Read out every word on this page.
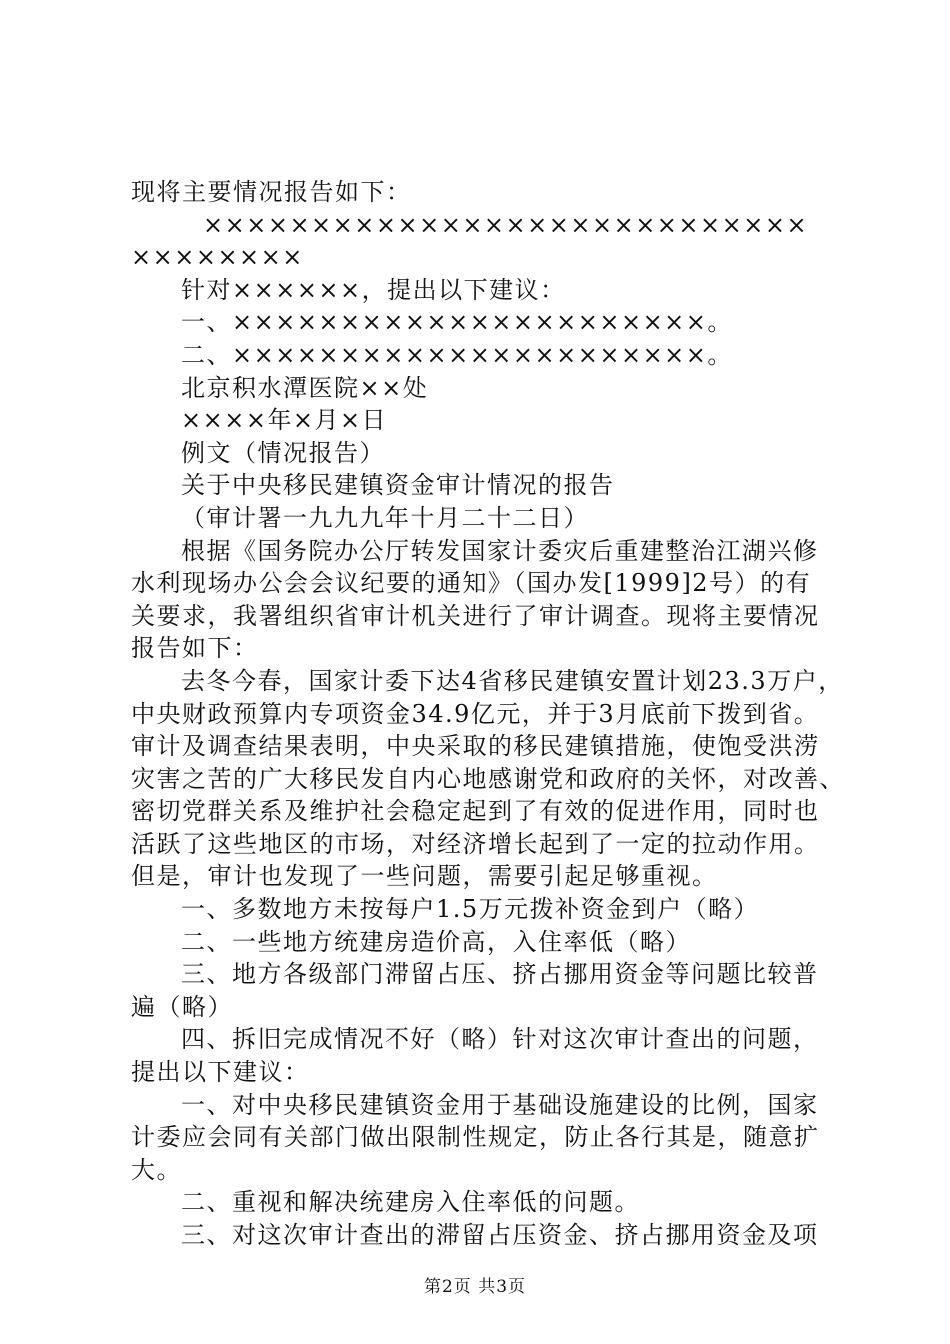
现将主要情况报告如下：
××××××××××××××××××××××××××××
××××××××
针对××××××，提出以下建议：
一、××××××××××××××××××××××。
二、××××××××××××××××××××××。
北京积水潭医院××处
××××年×月×日
例文（情况报告）
关于中央移民建镇资金审计情况的报告
（审计署一九九九年十月二十二日）
根据《国务院办公厅转发国家计委灾后重建整治江湖兴修
水利现场办公会会议纪要的通知》（国办发[1999]2号）的有
关要求，我署组织省审计机关进行了审计调查。现将主要情况
报告如下：
去冬今春，国家计委下达4省移民建镇安置计划23.3万户，
中央财政预算内专项资金34.9亿元，并于3月底前下拨到省。
审计及调查结果表明，中央采取的移民建镇措施，使饱受洪涝
灾害之苦的广大移民发自内心地感谢党和政府的关怀，对改善、
密切党群关系及维护社会稳定起到了有效的促进作用，同时也
活跃了这些地区的市场，对经济增长起到了一定的拉动作用。
但是，审计也发现了一些问题，需要引起足够重视。
一、多数地方未按每户1.5万元拨补资金到户（略）
二、一些地方统建房造价高，入住率低（略）
三、地方各级部门滞留占压、挤占挪用资金等问题比较普
遍（略）
四、拆旧完成情况不好（略）针对这次审计查出的问题，
提出以下建议：
一、对中央移民建镇资金用于基础设施建设的比例，国家
计委应会同有关部门做出限制性规定，防止各行其是，随意扩
大。
二、重视和解决统建房入住率低的问题。
三、对这次审计查出的滞留占压资金、挤占挪用资金及项
第2页 共3页
